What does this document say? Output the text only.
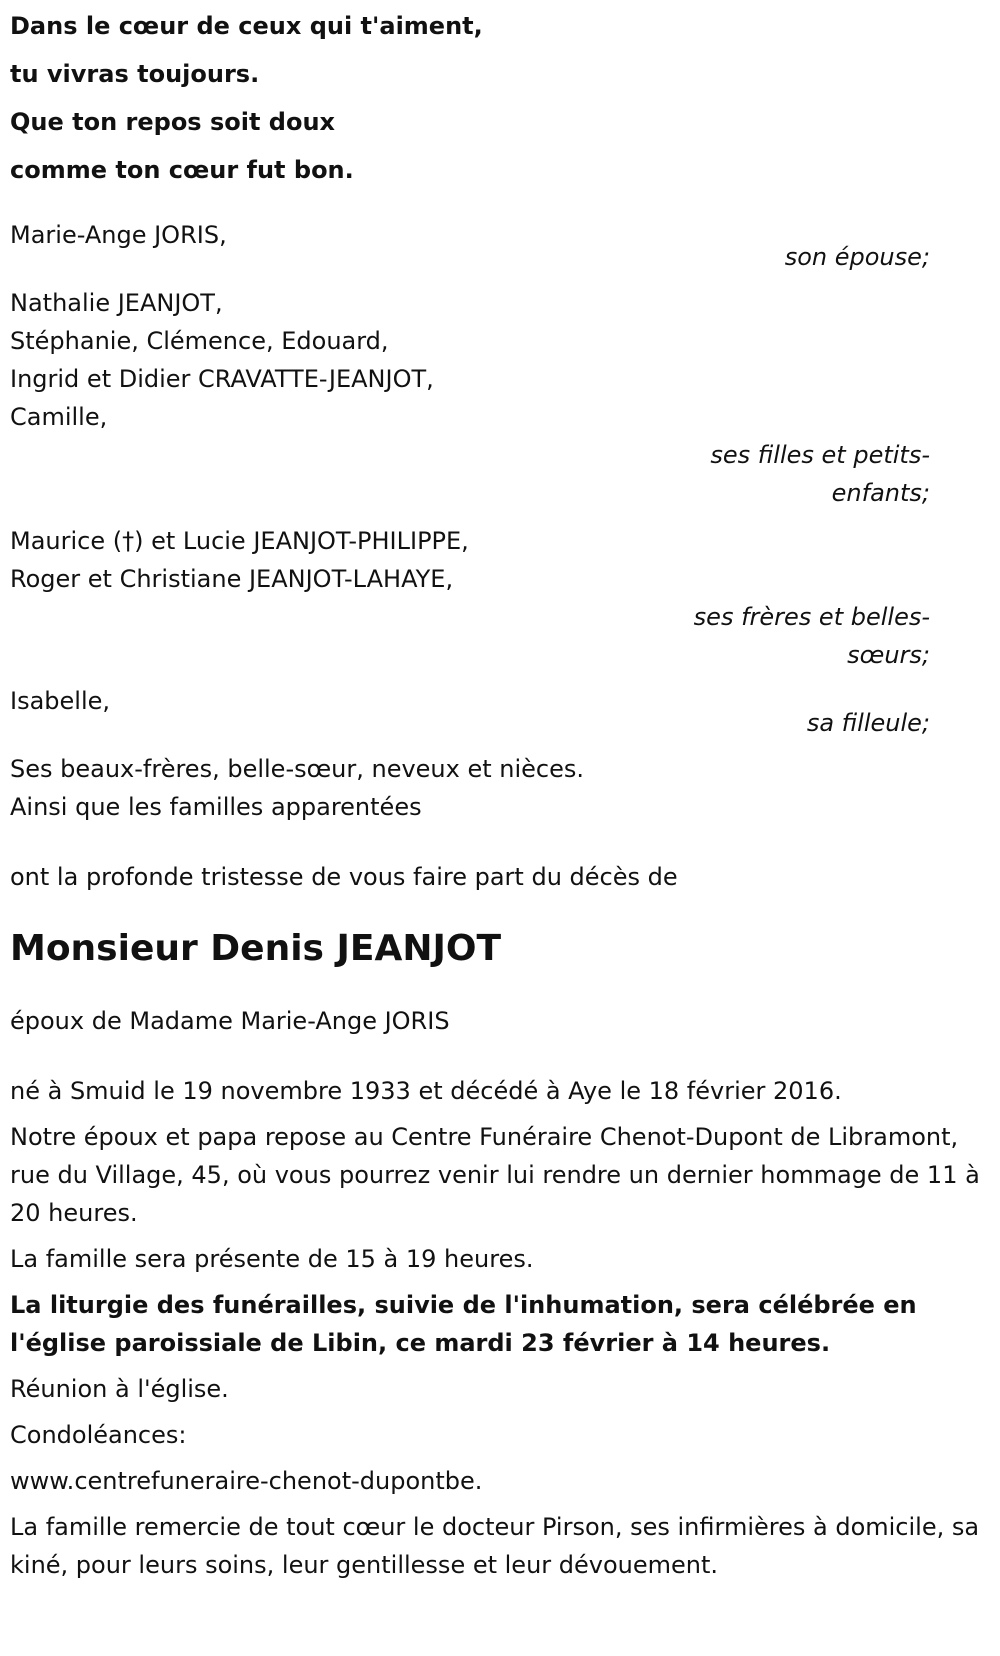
Dans le cœur de ceux qui t'aiment,
tu vivras toujours.
Que ton repos soit doux
comme ton cœur fut bon.
Marie-Ange JORIS,
son épouse;
Nathalie JEANJOT,
Stéphanie, Clémence, Edouard,
Ingrid et Didier CRAVATTE-JEANJOT,
Camille,
ses filles et petits-enfants;
Maurice (†) et Lucie JEANJOT-PHILIPPE,
Roger et Christiane JEANJOT-LAHAYE,
ses frères et belles-sœurs;
Isabelle,
sa filleule;
Ses beaux-frères, belle-sœur, neveux et nièces.
Ainsi que les familles apparentées
ont la profonde tristesse de vous faire part du décès de
Monsieur Denis JEANJOT
époux de Madame Marie-Ange JORIS

né à Smuid le 19 novembre 1933 et décédé à Aye le 18 février 2016.

Notre époux et papa repose au Centre Funéraire Chenot-Dupont de Libramont, rue du Village, 45, où vous pourrez venir lui rendre un dernier hommage de 11 à 20 heures.

La famille sera présente de 15 à 19 heures.

La liturgie des funérailles, suivie de l'inhumation, sera célébrée en l'église paroissiale de Libin, ce mardi 23 février à 14 heures.

Réunion à l'église.

Condoléances:

www.centrefuneraire-chenot-dupontbe.

La famille remercie de tout cœur le docteur Pirson, ses infirmières à domicile, sa kiné, pour leurs soins, leur gentillesse et leur dévouement.
